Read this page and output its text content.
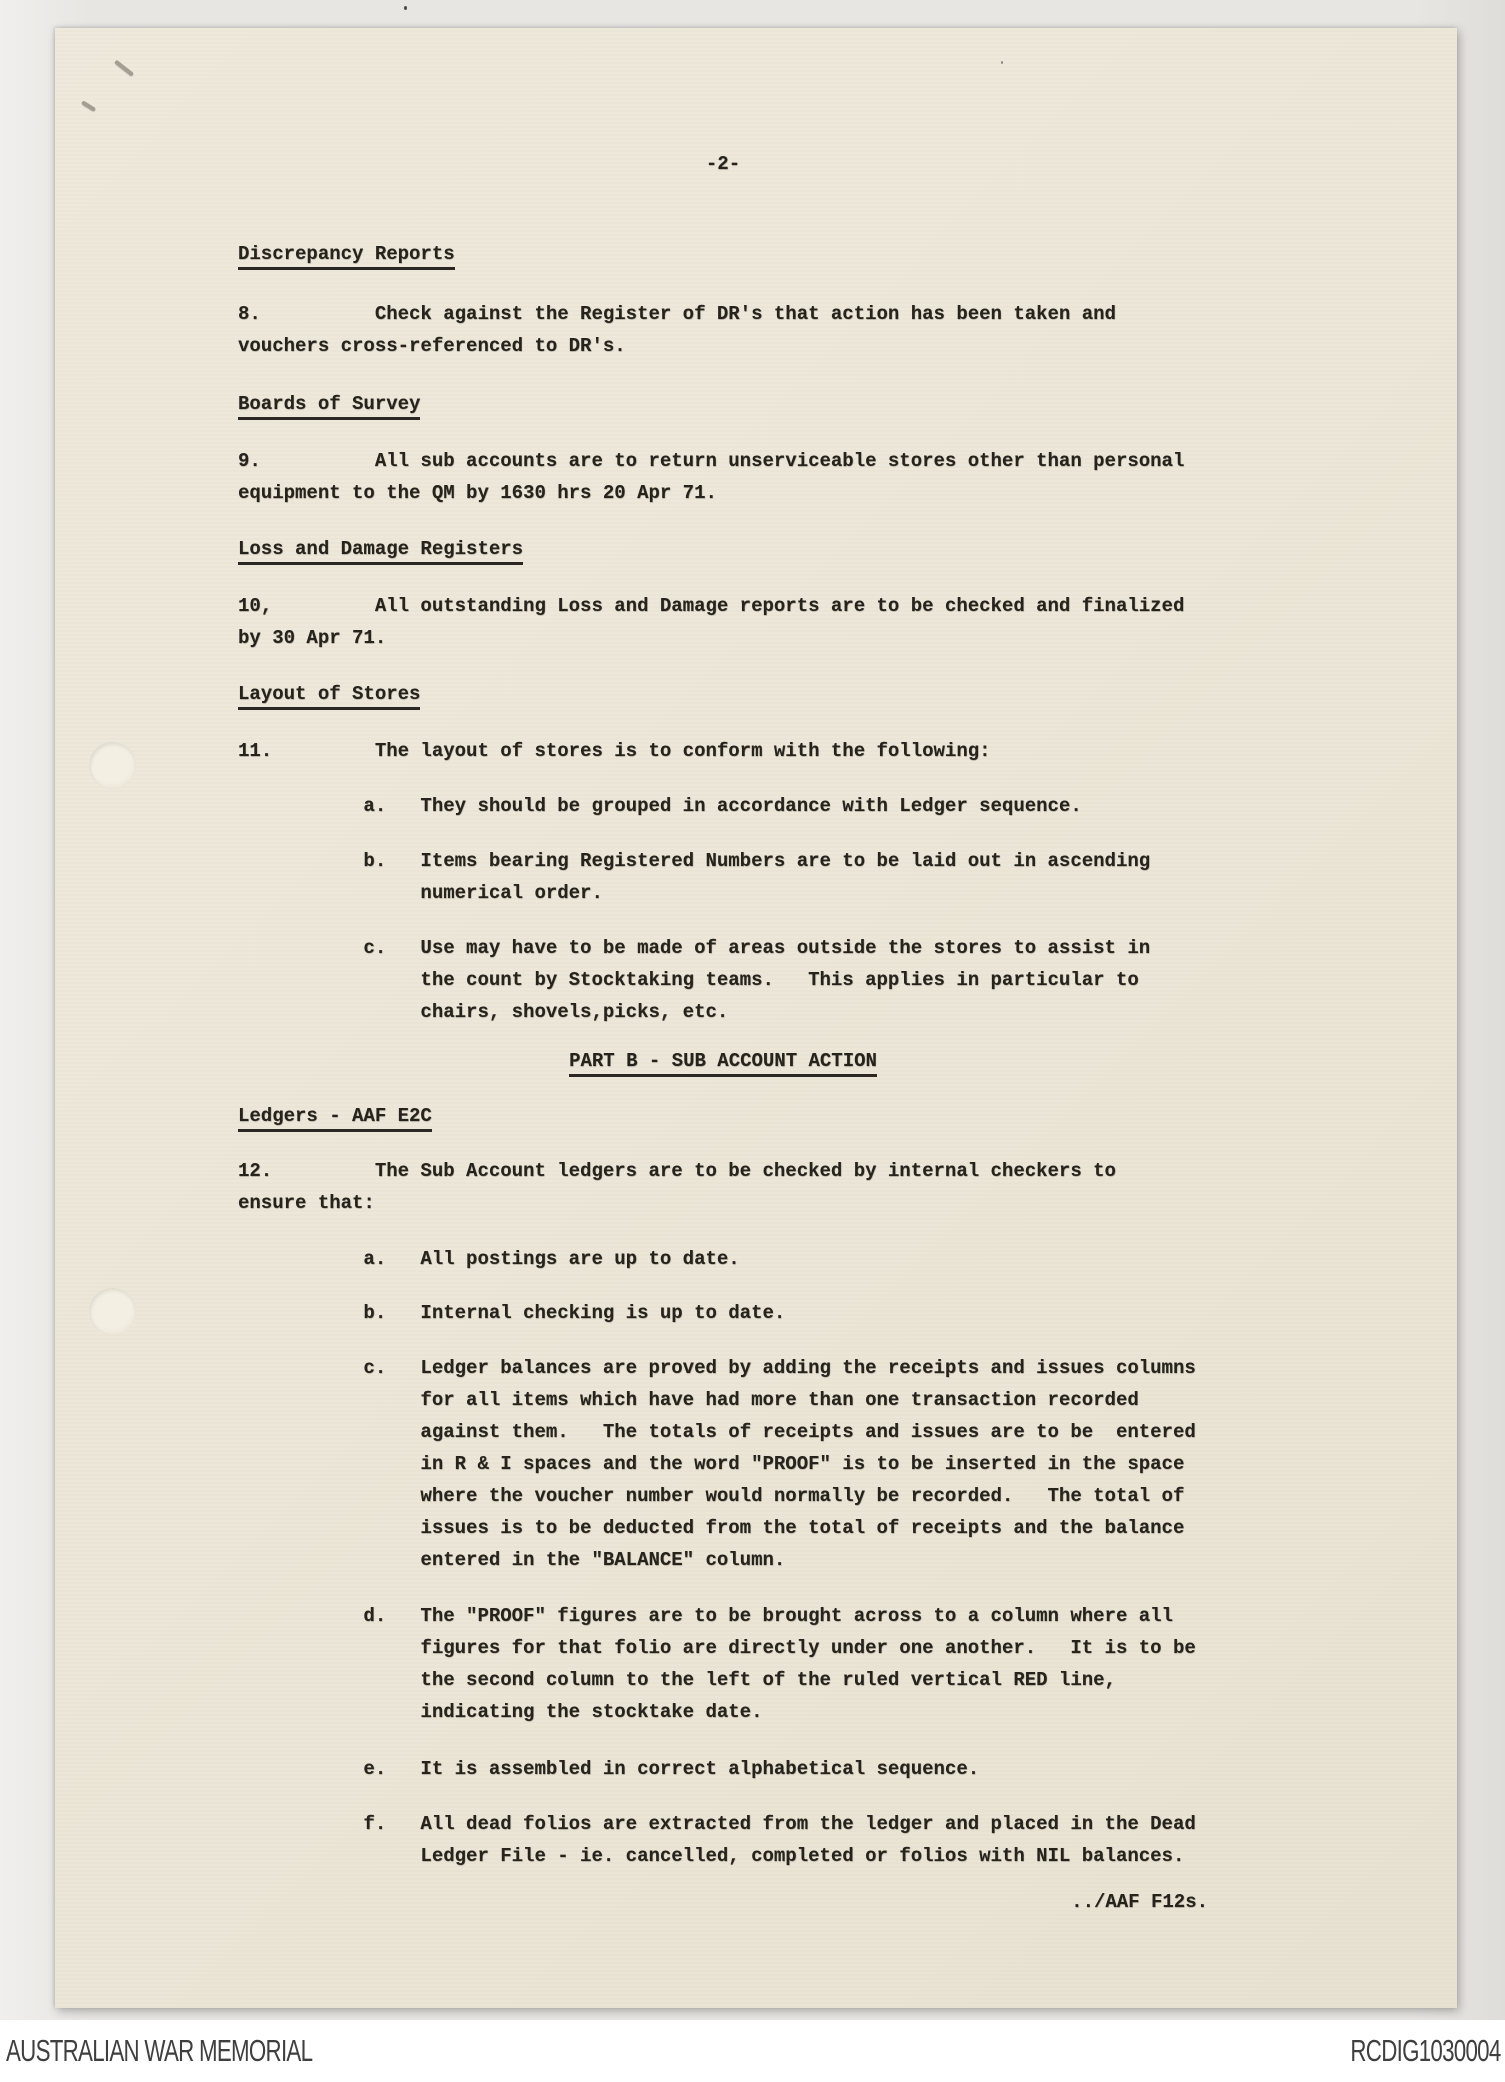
-2-
Discrepancy Reports
8.          Check against the Register of DR's that action has been taken and
vouchers cross-referenced to DR's.
Boards of Survey
9.          All sub accounts are to return unserviceable stores other than personal
equipment to the QM by 1630 hrs 20 Apr 71.
Loss and Damage Registers
10,         All outstanding Loss and Damage reports are to be checked and finalized
by 30 Apr 71.
Layout of Stores
11.         The layout of stores is to conform with the following:
a.   They should be grouped in accordance with Ledger sequence.
b.   Items bearing Registered Numbers are to be laid out in ascending
numerical order.
c.   Use may have to be made of areas outside the stores to assist in
the count by Stocktaking teams.   This applies in particular to
chairs, shovels,picks, etc.
PART B - SUB ACCOUNT ACTION
Ledgers - AAF E2C
12.         The Sub Account ledgers are to be checked by internal checkers to
ensure that:
a.   All postings are up to date.
b.   Internal checking is up to date.
c.   Ledger balances are proved by adding the receipts and issues columns
for all items which have had more than one transaction recorded
against them.   The totals of receipts and issues are to be  entered
in R & I spaces and the word "PROOF" is to be inserted in the space
where the voucher number would normally be recorded.   The total of
issues is to be deducted from the total of receipts and the balance
entered in the "BALANCE" column.
d.   The "PROOF" figures are to be brought across to a column where all
figures for that folio are directly under one another.   It is to be
the second column to the left of the ruled vertical RED line,
indicating the stocktake date.
e.   It is assembled in correct alphabetical sequence.
f.   All dead folios are extracted from the ledger and placed in the Dead
Ledger File - ie. cancelled, completed or folios with NIL balances.
../AAF F12s.
AUSTRALIAN WAR MEMORIAL	RCDIG1030004
